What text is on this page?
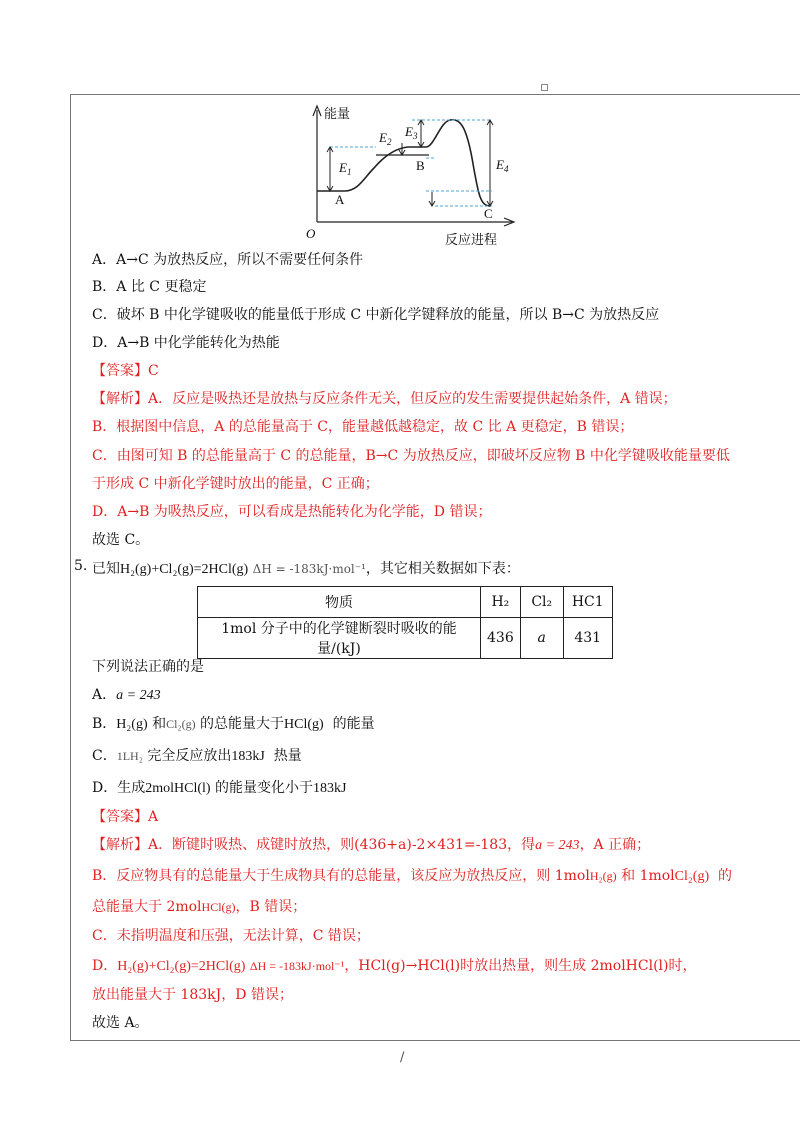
能量
O	反应进程
A
B
C
$E_1$
$E_2$
$E_3$
$E_4$
A．A→C 为放热反应，所以不需要任何条件
B．A 比 C 更稳定
C．破坏 B 中化学键吸收的能量低于形成 C 中新化学键释放的能量，所以 B→C 为放热反应
D．A→B 中化学能转化为热能
【答案】C
【解析】A．反应是吸热还是放热与反应条件无关，但反应的发生需要提供起始条件，A 错误；
B．根据图中信息，A 的总能量高于 C，能量越低越稳定，故 C 比 A 更稳定，B 错误；
C．由图可知 B 的总能量高于 C 的总能量，B→C 为放热反应，即破坏反应物 B 中化学键吸收能量要低
于形成 C 中新化学键时放出的能量，C 正确；
D．A→B 为吸热反应，可以看成是热能转化为化学能，D 错误；
故选 C。
5. 已知H₂(g)+Cl₂(g)=2HCl(g) ΔH = -183kJ·mol⁻¹，其它相关数据如下表：
物质	H₂	Cl₂	HC1
1mol 分子中的化学键断裂时吸收的能量/(kJ)	436	a	431
下列说法正确的是
A．a = 243
B．H₂(g) 和Cl₂(g) 的总能量大于HCl(g) 的能量
C．1LH₂ 完全反应放出183kJ 热量
D．生成2molHCl(l) 的能量变化小于183kJ
【答案】A
【解析】A．断键时吸热、成键时放热，则(436+a)-2×431=-183，得a = 243，A 正确；
B．反应物具有的总能量大于生成物具有的总能量，该反应为放热反应，则 1molH₂(g) 和 1molCl₂(g) 的
总能量大于 2molHCl(g)，B 错误；
C．未指明温度和压强，无法计算，C 错误；
D．H₂(g)+Cl₂(g)=2HCl(g) ΔH = -183kJ·mol⁻¹，HCl(g)→HCl(l)时放出热量，则生成 2molHCl(l)时，
放出能量大于 183kJ，D 错误；
故选 A。
/
